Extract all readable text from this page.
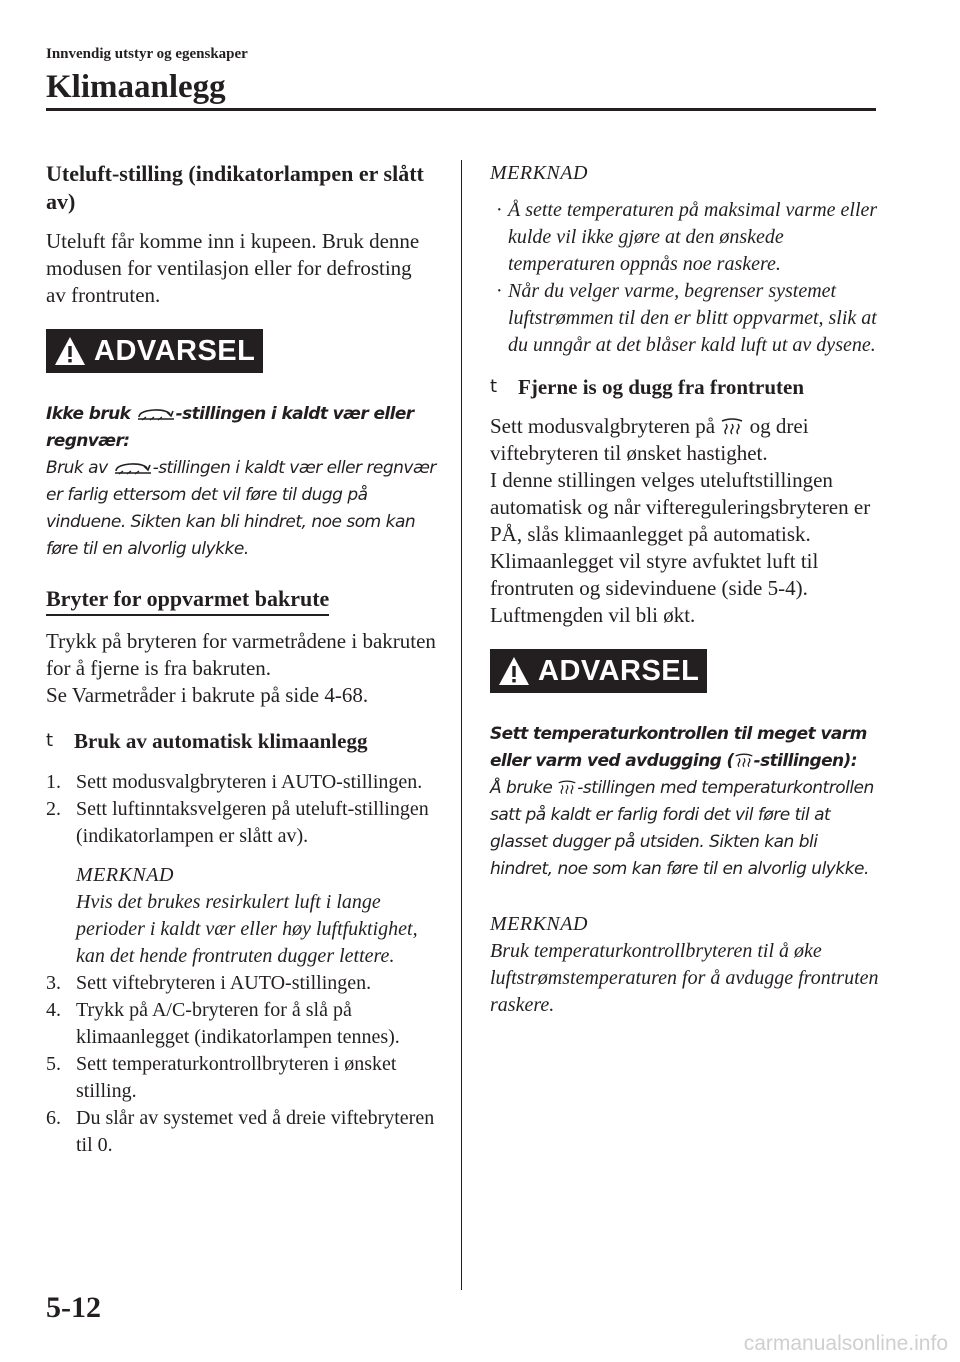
Innvendig utstyr og egenskaper
Klimaanlegg

Uteluft-stilling (indikatorlampen er slått av)

Uteluft får komme inn i kupeen. Bruk denne modusen for ventilasjon eller for defrosting av frontruten.

ADVARSEL

Ikke bruk -stillingen i kaldt vær eller regnvær:

Bruk av -stillingen i kaldt vær eller regnvær er farlig ettersom det vil føre til dugg på vinduene. Sikten kan bli hindret, noe som kan føre til en alvorlig ulykke.

Bryter for oppvarmet bakrute

Trykk på bryteren for varmetrådene i bakruten for å fjerne is fra bakruten.

Se Varmetråder i bakrute på side 4-68.

t Bruk av automatisk klimaanlegg
1. Sett modusvalgbryteren i AUTO-stillingen.
2. Sett luftinntaksvelgeren på uteluft-stillingen (indikatorlampen er slått av).

MERKNAD

Hvis det brukes resirkulert luft i lange perioder i kaldt vær eller høy luftfuktighet, kan det hende frontruten dugger lettere.

3. Sett viftebryteren i AUTO-stillingen.
4. Trykk på A/C-bryteren for å slå på klimaanlegget (indikatorlampen tennes).
5. Sett temperaturkontrollbryteren i ønsket stilling.
6. Du slår av systemet ved å dreie viftebryteren til 0.

MERKNAD

· Å sette temperaturen på maksimal varme eller kulde vil ikke gjøre at den ønskede temperaturen oppnås noe raskere.
· Når du velger varme, begrenser systemet luftstrømmen til den er blitt oppvarmet, slik at du unngår at det blåser kald luft ut av dysene.
t Fjerne is og dugg fra frontruten

Sett modusvalgbryteren på  og drei viftebryteren til ønsket hastighet.

I denne stillingen velges uteluftstillingen automatisk og når viftereguleringsbryteren er PÅ, slås klimaanlegget på automatisk. Klimaanlegget vil styre avfuktet luft til frontruten og sidevinduene (side 5-4). Luftmengden vil bli økt.

ADVARSEL

Sett temperaturkontrollen til meget varm eller varm ved avdugging ( -stillingen):

Å bruke -stillingen med temperaturkontrollen satt på kaldt er farlig fordi det vil føre til at glasset dugger på utsiden. Sikten kan bli hindret, noe som kan føre til en alvorlig ulykke.

MERKNAD

Bruk temperaturkontrollbryteren til å øke luftstrømstemperaturen for å avdugge frontruten raskere.

5-12
carmanualsonline.info
